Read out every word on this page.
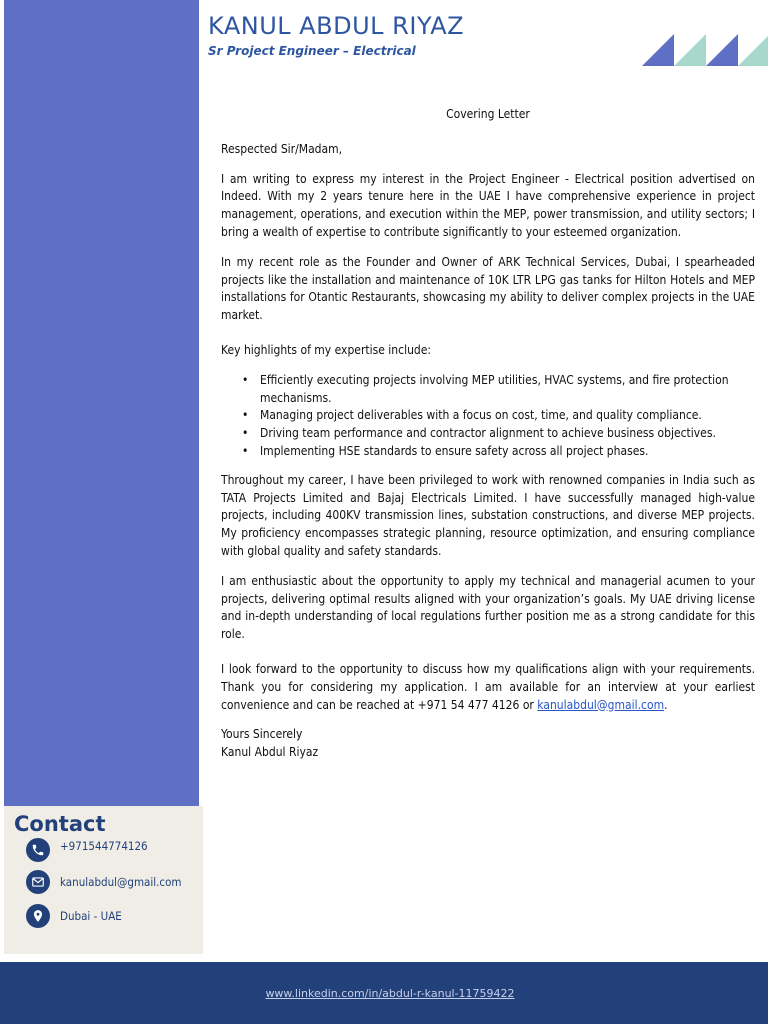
KANUL ABDUL RIYAZ
Sr Project Engineer – Electrical
Covering Letter

Respected Sir/Madam,

I am writing to express my interest in the Project Engineer - Electrical position advertised on Indeed. With my 2 years tenure here in the UAE I have comprehensive experience in project management, operations, and execution within the MEP, power transmission, and utility sectors; I bring a wealth of expertise to contribute significantly to your esteemed organization.

In my recent role as the Founder and Owner of ARK Technical Services, Dubai, I spearheaded projects like the installation and maintenance of 10K LTR LPG gas tanks for Hilton Hotels and MEP installations for Otantic Restaurants, showcasing my ability to deliver complex projects in the UAE market.

Key highlights of my expertise include:

• Efficiently executing projects involving MEP utilities, HVAC systems, and fire protection mechanisms.
• Managing project deliverables with a focus on cost, time, and quality compliance.
• Driving team performance and contractor alignment to achieve business objectives.
• Implementing HSE standards to ensure safety across all project phases.

Throughout my career, I have been privileged to work with renowned companies in India such as TATA Projects Limited and Bajaj Electricals Limited. I have successfully managed high-value projects, including 400KV transmission lines, substation constructions, and diverse MEP projects. My proficiency encompasses strategic planning, resource optimization, and ensuring compliance with global quality and safety standards.

I am enthusiastic about the opportunity to apply my technical and managerial acumen to your projects, delivering optimal results aligned with your organization’s goals. My UAE driving license and in-depth understanding of local regulations further position me as a strong candidate for this role.

I look forward to the opportunity to discuss how my qualifications align with your requirements. Thank you for considering my application. I am available for an interview at your earliest convenience and can be reached at +971 54 477 4126 or kanulabdul@gmail.com.

Yours Sincerely

Kanul Abdul Riyaz

Contact
+971544774126
kanulabdul@gmail.com
Dubai - UAE
www.linkedin.com/in/abdul-r-kanul-11759422
